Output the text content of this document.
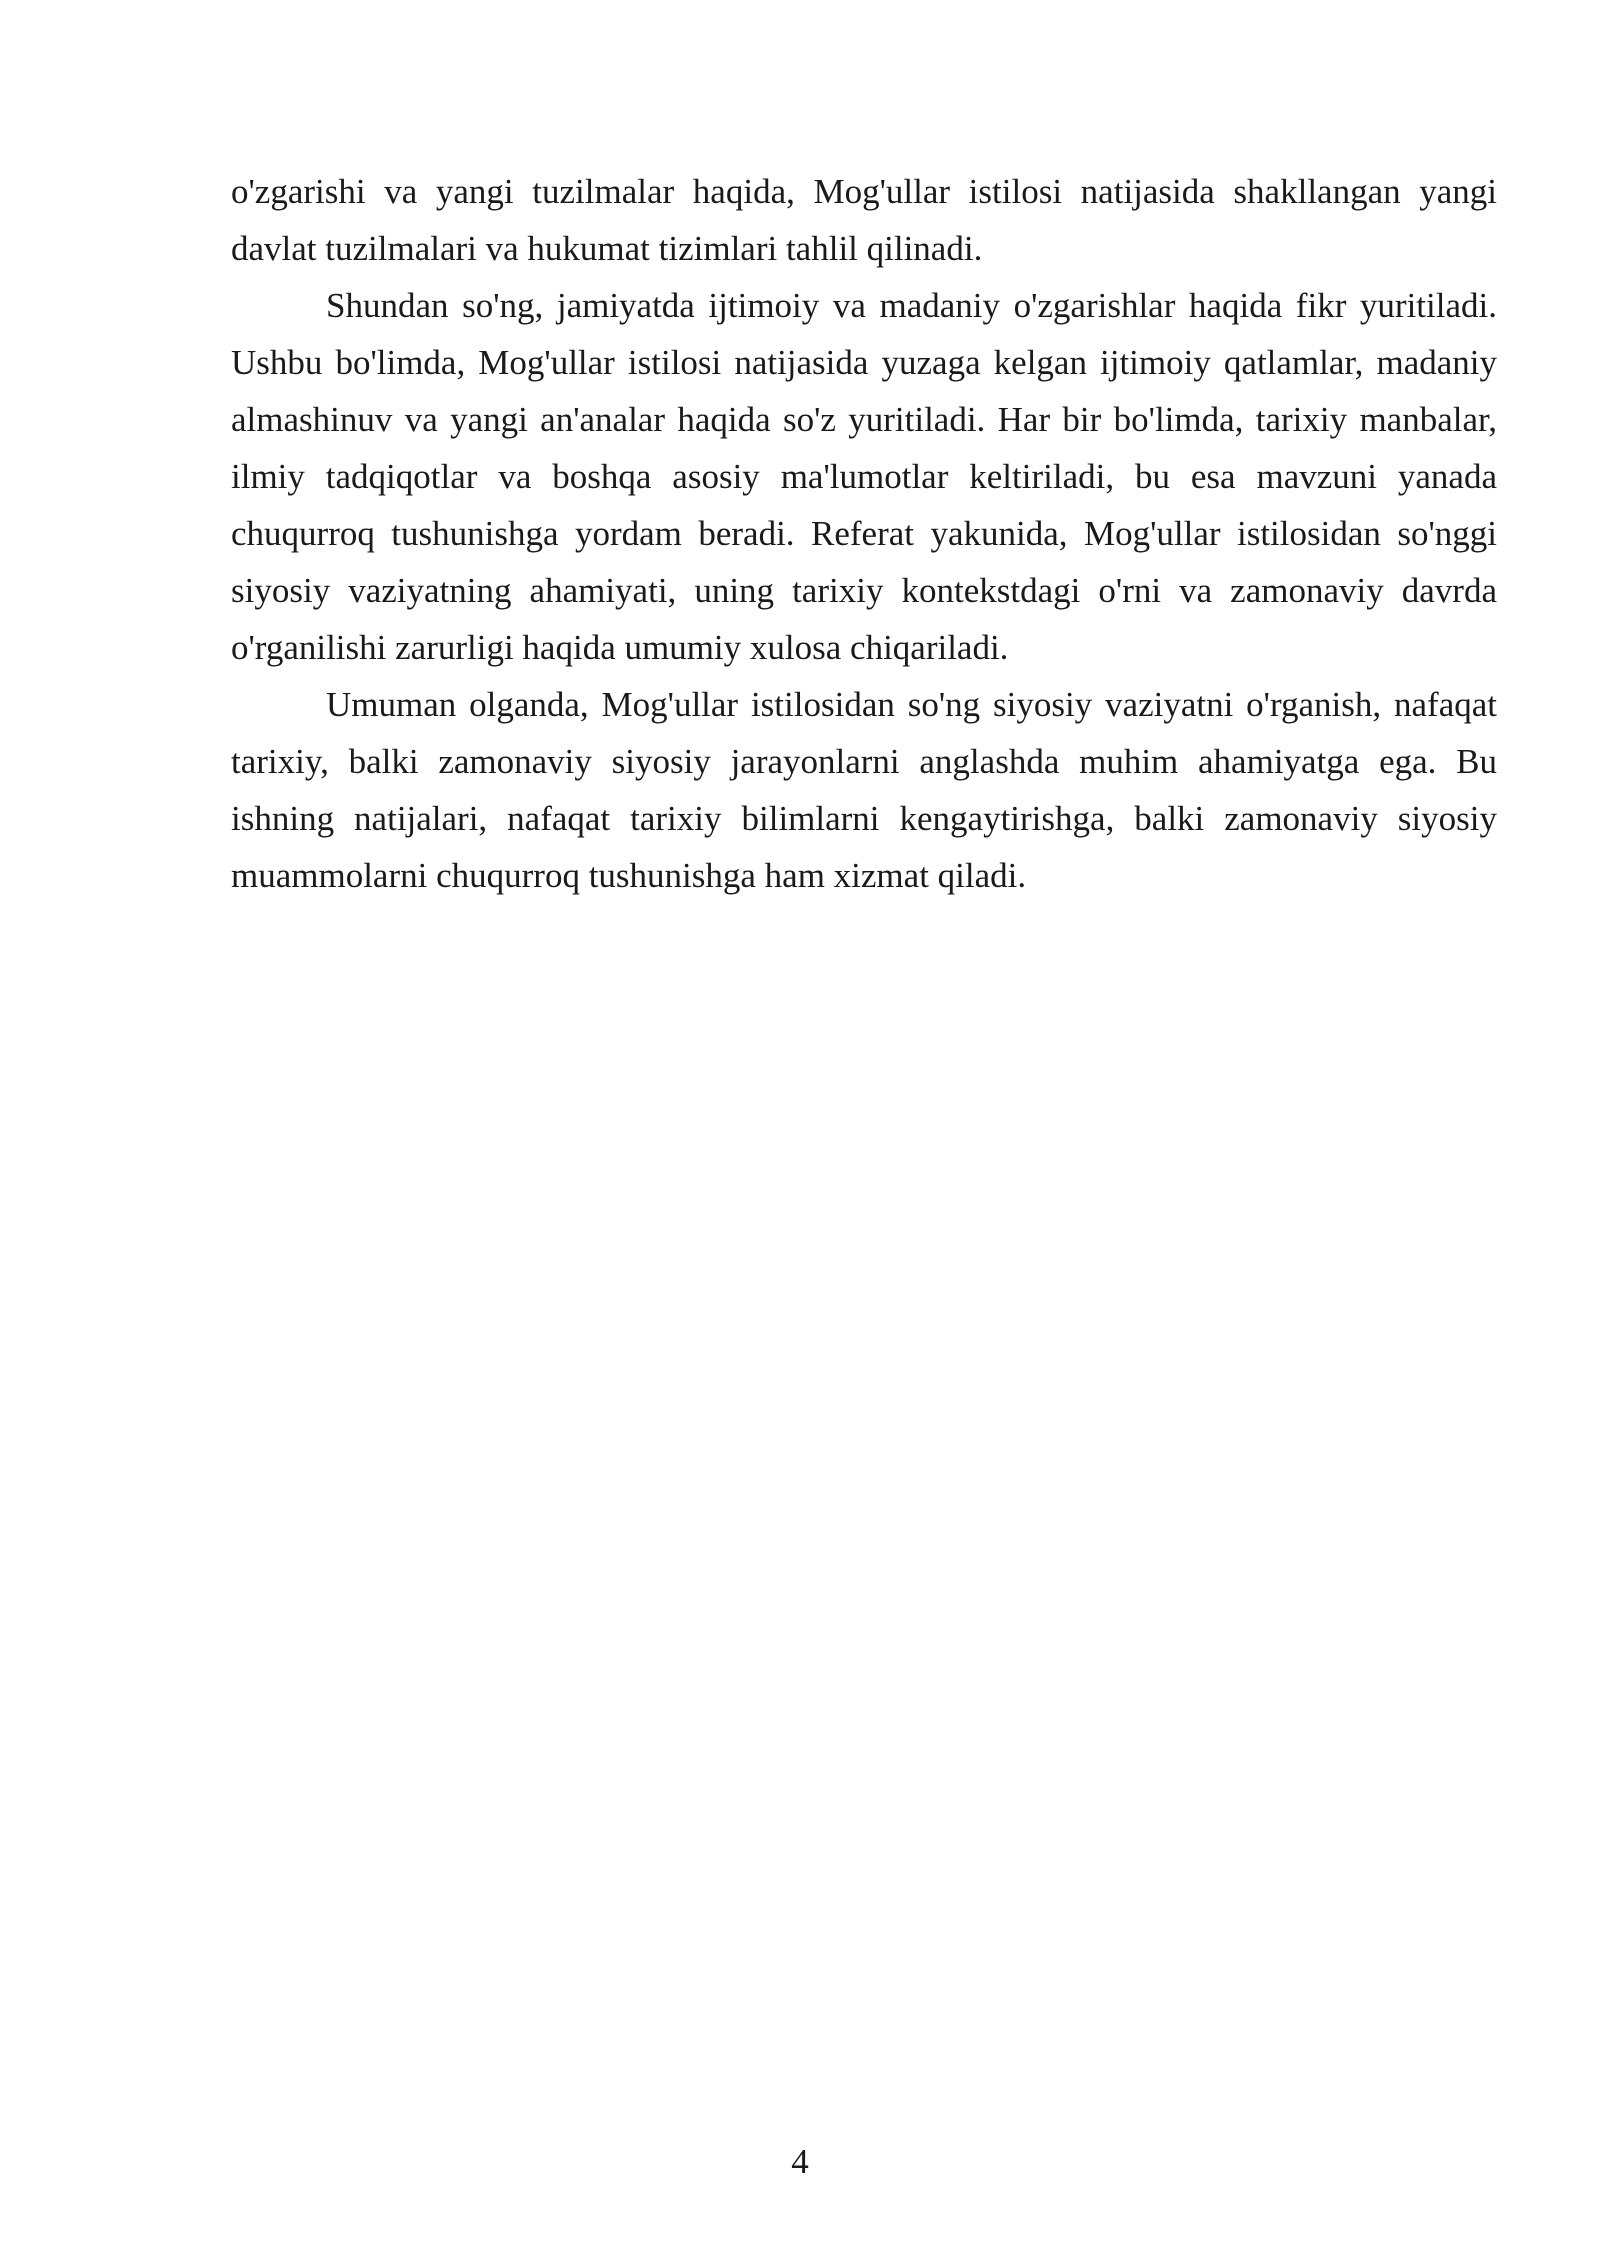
o'zgarishi va yangi tuzilmalar haqida, Mog'ullar istilosi natijasida shakllangan yangi davlat tuzilmalari va hukumat tizimlari tahlil qilinadi.

Shundan so'ng, jamiyatda ijtimoiy va madaniy o'zgarishlar haqida fikr yuritiladi. Ushbu bo'limda, Mog'ullar istilosi natijasida yuzaga kelgan ijtimoiy qatlamlar, madaniy almashinuv va yangi an'analar haqida so'z yuritiladi. Har bir bo'limda, tarixiy manbalar, ilmiy tadqiqotlar va boshqa asosiy ma'lumotlar keltiriladi, bu esa mavzuni yanada chuqurroq tushunishga yordam beradi. Referat yakunida, Mog'ullar istilosidan so'nggi siyosiy vaziyatning ahamiyati, uning tarixiy kontekstdagi o'rni va zamonaviy davrda o'rganilishi zarurligi haqida umumiy xulosa chiqariladi.

Umuman olganda, Mog'ullar istilosidan so'ng siyosiy vaziyatni o'rganish, nafaqat tarixiy, balki zamonaviy siyosiy jarayonlarni anglashda muhim ahamiyatga ega. Bu ishning natijalari, nafaqat tarixiy bilimlarni kengaytirishga, balki zamonaviy siyosiy muammolarni chuqurroq tushunishga ham xizmat qiladi.

4
